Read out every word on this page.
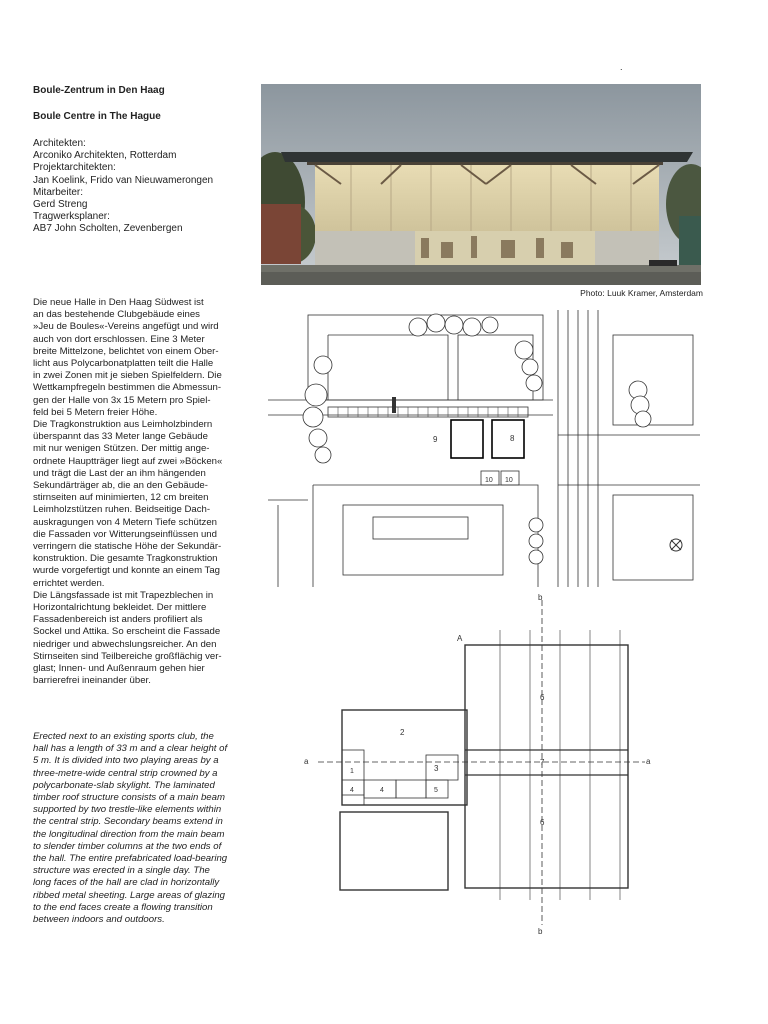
.
Boule-Zentrum in Den Haag
Boule Centre in The Hague
Architekten:
Arconiko Architekten, Rotterdam
Projektarchitekten:
Jan Koelink, Frido van Nieuwamerongen
Mitarbeiter:
Gerd Streng
Tragwerksplaner:
AB7 John Scholten, Zevenbergen
Photo: Luuk Kramer, Amsterdam
Die neue Halle in Den Haag Südwest ist
an das bestehende Clubgebäude eines
»Jeu de Boules«-Vereins angefügt und wird
auch von dort erschlossen. Eine 3 Meter
breite Mittelzone, belichtet von einem Ober-
licht aus Polycarbonatplatten teilt die Halle
in zwei Zonen mit je sieben Spielfeldern. Die
Wettkampfregeln bestimmen die Abmessun-
gen der Halle von 3x 15 Metern pro Spiel-
feld bei 5 Metern freier Höhe.
Die Tragkonstruktion aus Leimholzbindern
überspannt das 33 Meter lange Gebäude
mit nur wenigen Stützen. Der mittig ange-
ordnete Hauptträger liegt auf zwei »Böcken«
und trägt die Last der an ihm hängenden
Sekundärträger ab, die an den Gebäude-
stirnseiten auf minimierten, 12 cm breiten
Leimholzstützen ruhen. Beidseitige Dach-
auskragungen von 4 Metern Tiefe schützen
die Fassaden vor Witterungseinflüssen und
verringern die statische Höhe der Sekundär-
konstruktion. Die gesamte Tragkonstruktion
wurde vorgefertigt und konnte an einem Tag
errichtet werden.
Die Längsfassade ist mit Trapezblechen in
Horizontalrichtung bekleidet. Der mittlere
Fassadenbereich ist anders profiliert als
Sockel und Attika. So erscheint die Fassade
niedriger und abwechslungsreicher. An den
Stirnseiten sind Teilbereiche großflächig ver-
glast; Innen- und Außenraum gehen hier
barrierefrei ineinander über.
Erected next to an existing sports club, the
hall has a length of 33 m and a clear height of
5 m. It is divided into two playing areas by a
three-metre-wide central strip crowned by a
polycarbonate-slab skylight. The laminated
timber roof structure consists of a main beam
supported by two trestle-like elements within
the central strip. Secondary beams extend in
the longitudinal direction from the main beam
to slender timber columns at the two ends of
the hall. The entire prefabricated load-bearing
structure was erected in a single day. The
long faces of the hall are clad in horizontally
ribbed metal sheeting. Large areas of glazing
to the end faces create a flowing transition
between indoors and outdoors.
9	8
10 10
b
b
a	a
A
1
2
3
4	4	5
6
7
6
